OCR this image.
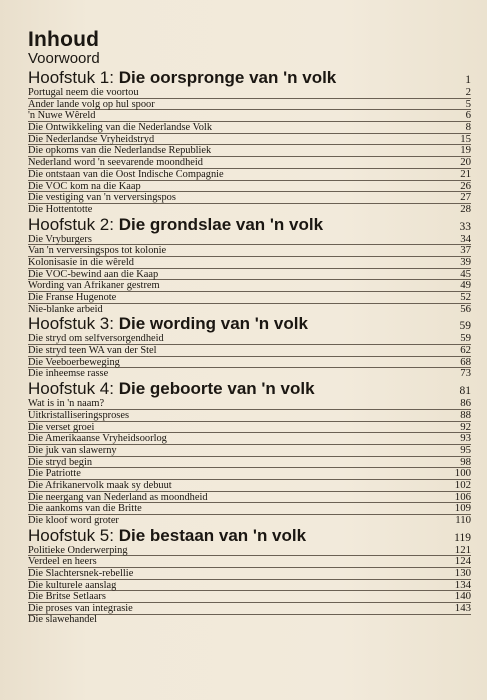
Inhoud
Voorwoord
Hoofstuk 1: Die oorspronge van 'n volk	1
Portugal neem die voortou	2
Ander lande volg op hul spoor	5
'n Nuwe Wêreld	6
Die Ontwikkeling van die Nederlandse Volk	8
Die Nederlandse Vryheidstryd	15
Die opkoms van die Nederlandse Republiek	19
Nederland word 'n seevarende moondheid	20
Die ontstaan van die Oost Indische Compagnie	21
Die VOC kom na die Kaap	26
Die vestiging van 'n verversingspos	27
Die Hottentotte	28
Hoofstuk 2: Die grondslae van 'n volk	33
Die Vryburgers	34
Van 'n verversingspos tot kolonie	37
Kolonisasie in die wêreld	39
Die VOC-bewind aan die Kaap	45
Wording van Afrikaner gestrem	49
Die Franse Hugenote	52
Nie-blanke arbeid	56
Hoofstuk 3: Die wording van 'n volk	59
Die stryd om selfversorgendheid	59
Die stryd teen WA van der Stel	62
Die Veeboerbeweging	68
Die inheemse rasse	73
Hoofstuk 4: Die geboorte van 'n volk	81
Wat is in 'n naam?	86
Uitkristalliseringsproses	88
Die verset groei	92
Die Amerikaanse Vryheidsoorlog	93
Die juk van slawerny	95
Die stryd begin	98
Die Patriotte	100
Die Afrikanervolk maak sy debuut	102
Die neergang van Nederland as moondheid	106
Die aankoms van die Britte	109
Die kloof word groter	110
Hoofstuk 5: Die bestaan van 'n volk	119
Politieke Onderwerping	121
Verdeel en heers	124
Die Slachtersnek-rebellie	130
Die kulturele aanslag	134
Die Britse Setlaars	140
Die proses van integrasie	143
Die slawehandel
